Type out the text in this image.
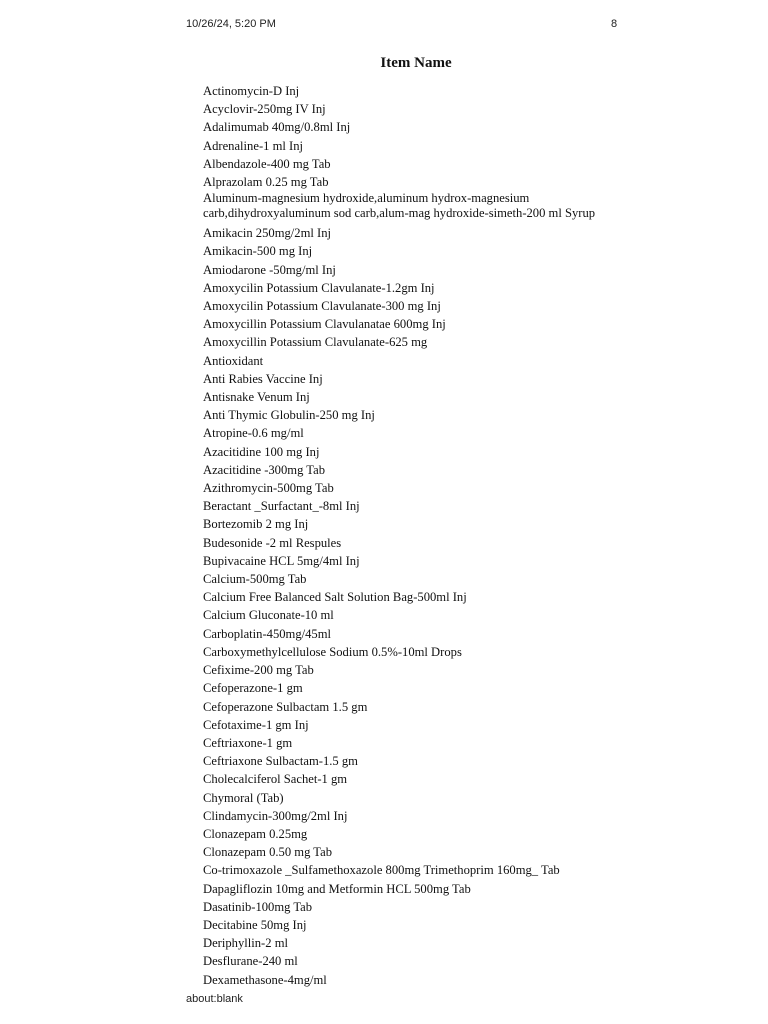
10/26/24, 5:20 PM	8
Item Name
Actinomycin-D Inj
Acyclovir-250mg IV Inj
Adalimumab 40mg/0.8ml Inj
Adrenaline-1 ml Inj
Albendazole-400 mg Tab
Alprazolam 0.25 mg Tab
Aluminum-magnesium hydroxide,aluminum hydrox-magnesium
carb,dihydroxyaluminum sod carb,alum-mag hydroxide-simeth-200 ml Syrup
Amikacin 250mg/2ml Inj
Amikacin-500 mg Inj
Amiodarone -50mg/ml Inj
Amoxycilin Potassium Clavulanate-1.2gm Inj
Amoxycilin Potassium Clavulanate-300 mg Inj
Amoxycillin Potassium Clavulanatae 600mg Inj
Amoxycillin Potassium Clavulanate-625 mg
Antioxidant
Anti Rabies Vaccine Inj
Antisnake Venum Inj
Anti Thymic Globulin-250 mg Inj
Atropine-0.6 mg/ml
Azacitidine 100 mg Inj
Azacitidine -300mg Tab
Azithromycin-500mg Tab
Beractant _Surfactant_-8ml Inj
Bortezomib 2 mg Inj
Budesonide -2 ml Respules
Bupivacaine HCL 5mg/4ml Inj
Calcium-500mg Tab
Calcium Free Balanced Salt Solution Bag-500ml Inj
Calcium Gluconate-10 ml
Carboplatin-450mg/45ml
Carboxymethylcellulose Sodium 0.5%-10ml Drops
Cefixime-200 mg Tab
Cefoperazone-1 gm
Cefoperazone Sulbactam 1.5 gm
Cefotaxime-1 gm Inj
Ceftriaxone-1 gm
Ceftriaxone Sulbactam-1.5 gm
Cholecalciferol Sachet-1 gm
Chymoral (Tab)
Clindamycin-300mg/2ml Inj
Clonazepam 0.25mg
Clonazepam 0.50 mg Tab
Co-trimoxazole _Sulfamethoxazole 800mg Trimethoprim 160mg_ Tab
Dapagliflozin 10mg and Metformin HCL 500mg Tab
Dasatinib-100mg Tab
Decitabine 50mg Inj
Deriphyllin-2 ml
Desflurane-240 ml
Dexamethasone-4mg/ml
about:blank
